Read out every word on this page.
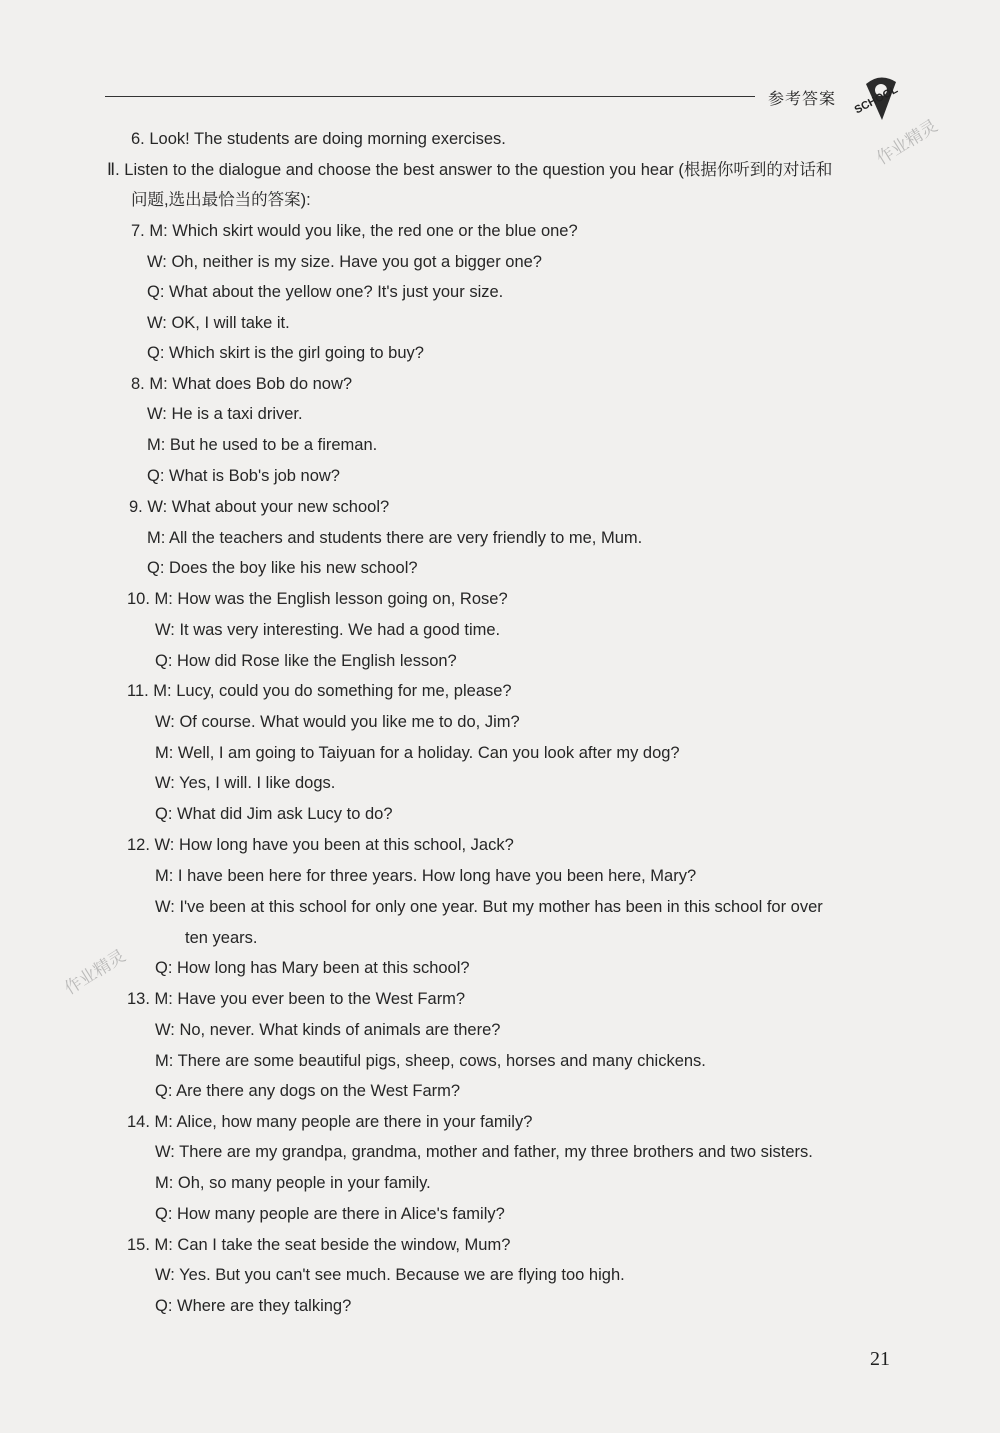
参考答案 SCHOOL
作业精灵
作业精灵
6. Look! The students are doing morning exercises.
Ⅱ. Listen to the dialogue and choose the best answer to the question you hear (根据你听到的对话和
问题,选出最恰当的答案):
7. M: Which skirt would you like, the red one or the blue one?
W: Oh, neither is my size. Have you got a bigger one?
Q: What about the yellow one? It's just your size.
W: OK, I will take it.
Q: Which skirt is the girl going to buy?
8. M: What does Bob do now?
W: He is a taxi driver.
M: But he used to be a fireman.
Q: What is Bob's job now?
9. W: What about your new school?
M: All the teachers and students there are very friendly to me, Mum.
Q: Does the boy like his new school?
10. M: How was the English lesson going on, Rose?
W: It was very interesting. We had a good time.
Q: How did Rose like the English lesson?
11. M: Lucy, could you do something for me, please?
W: Of course. What would you like me to do, Jim?
M: Well, I am going to Taiyuan for a holiday. Can you look after my dog?
W: Yes, I will. I like dogs.
Q: What did Jim ask Lucy to do?
12. W: How long have you been at this school, Jack?
M: I have been here for three years. How long have you been here, Mary?
W: I've been at this school for only one year. But my mother has been in this school for over
ten years.
Q: How long has Mary been at this school?
13. M: Have you ever been to the West Farm?
W: No, never. What kinds of animals are there?
M: There are some beautiful pigs, sheep, cows, horses and many chickens.
Q: Are there any dogs on the West Farm?
14. M: Alice, how many people are there in your family?
W: There are my grandpa, grandma, mother and father, my three brothers and two sisters.
M: Oh, so many people in your family.
Q: How many people are there in Alice's family?
15. M: Can I take the seat beside the window, Mum?
W: Yes. But you can't see much. Because we are flying too high.
Q: Where are they talking?
21
